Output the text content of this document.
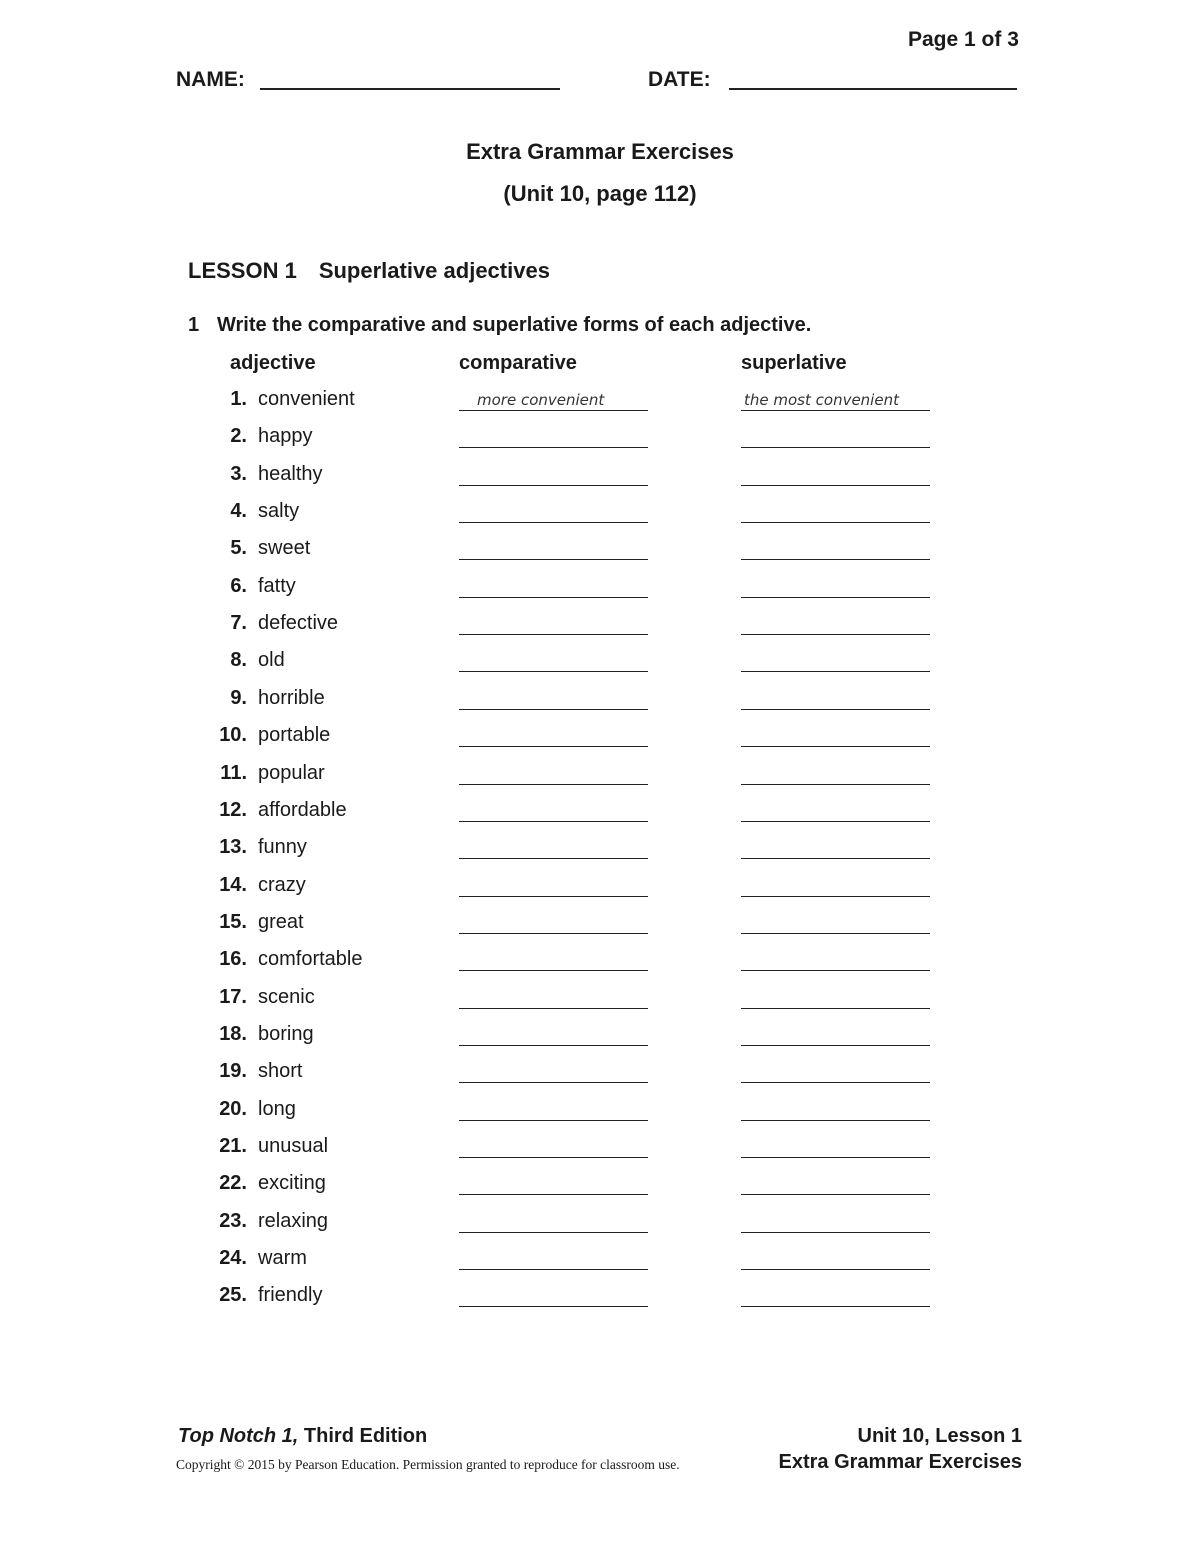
Page 1 of 3
NAME:	DATE:
Extra Grammar Exercises
(Unit 10, page 112)
LESSON 1 Superlative adjectives
1 Write the comparative and superlative forms of each adjective.
adjective	comparative	superlative
1. convenient	more convenient	the most convenient
2. happy
3. healthy
4. salty
5. sweet
6. fatty
7. defective
8. old
9. horrible
10. portable
11. popular
12. affordable
13. funny
14. crazy
15. great
16. comfortable
17. scenic
18. boring
19. short
20. long
21. unusual
22. exciting
23. relaxing
24. warm
25. friendly
Top Notch 1, Third Edition	Unit 10, Lesson 1
Copyright © 2015 by Pearson Education. Permission granted to reproduce for classroom use.	Extra Grammar Exercises
